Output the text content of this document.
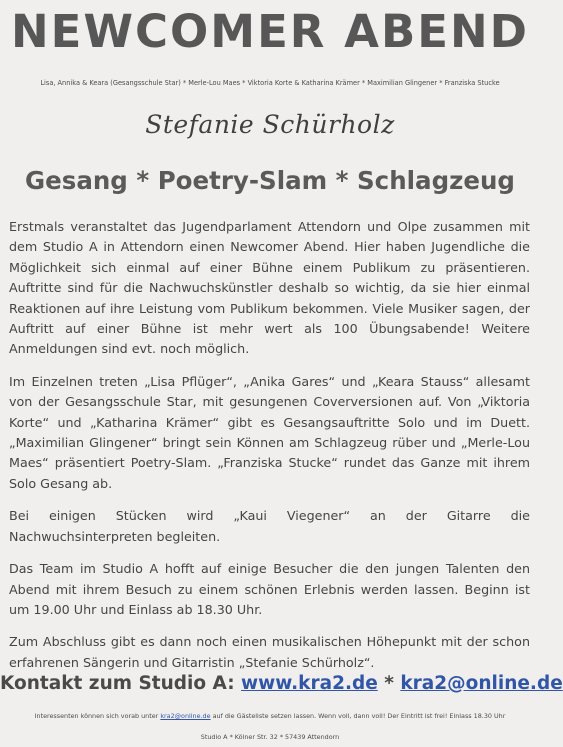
NEWCOMER ABEND
Lisa, Annika & Keara (Gesangsschule Star) * Merle-Lou Maes * Viktoria Korte & Katharina Krämer * Maximilian Glingener * Franziska Stucke
Stefanie Schürholz
Gesang * Poetry-Slam * Schlagzeug

Erstmals veranstaltet das Jugendparlament Attendorn und Olpe zusammen mit dem Studio A in Attendorn einen Newcomer Abend. Hier haben Jugendliche die Möglichkeit sich einmal auf einer Bühne einem Publikum zu präsentieren. Auftritte sind für die Nachwuchskünstler deshalb so wichtig, da sie hier einmal Reaktionen auf ihre Leistung vom Publikum bekommen. Viele Musiker sagen, der Auftritt auf einer Bühne ist mehr wert als 100 Übungsabende! Weitere Anmeldungen sind evt. noch möglich.

Im Einzelnen treten „Lisa Pflüger“, „Anika Gares“ und „Keara Stauss“ allesamt von der Gesangsschule Star, mit gesungenen Coverversionen auf. Von „Viktoria Korte“ und „Katharina Krämer“ gibt es Gesangsauftritte Solo und im Duett. „Maximilian Glingener“ bringt sein Können am Schlagzeug rüber und „Merle-Lou Maes“ präsentiert Poetry-Slam. „Franziska Stucke“ rundet das Ganze mit ihrem Solo Gesang ab.

Bei einigen Stücken wird „Kaui Viegener“ an der Gitarre die Nachwuchsinterpreten begleiten.

Das Team im Studio A hofft auf einige Besucher die den jungen Talenten den Abend mit ihrem Besuch zu einem schönen Erlebnis werden lassen. Beginn ist um 19.00 Uhr und Einlass ab 18.30 Uhr.

Zum Abschluss gibt es dann noch einen musikalischen Höhepunkt mit der schon erfahrenen Sängerin und Gitarristin „Stefanie Schürholz“.

Kontakt zum Studio A: www.kra2.de * kra2@online.de
Interessenten können sich vorab unter kra2@online.de auf die Gästeliste setzen lassen. Wenn voll, dann voll! Der Eintritt ist frei! Einlass 18.30 Uhr
Studio A * Kölner Str. 32 * 57439 Attendorn
